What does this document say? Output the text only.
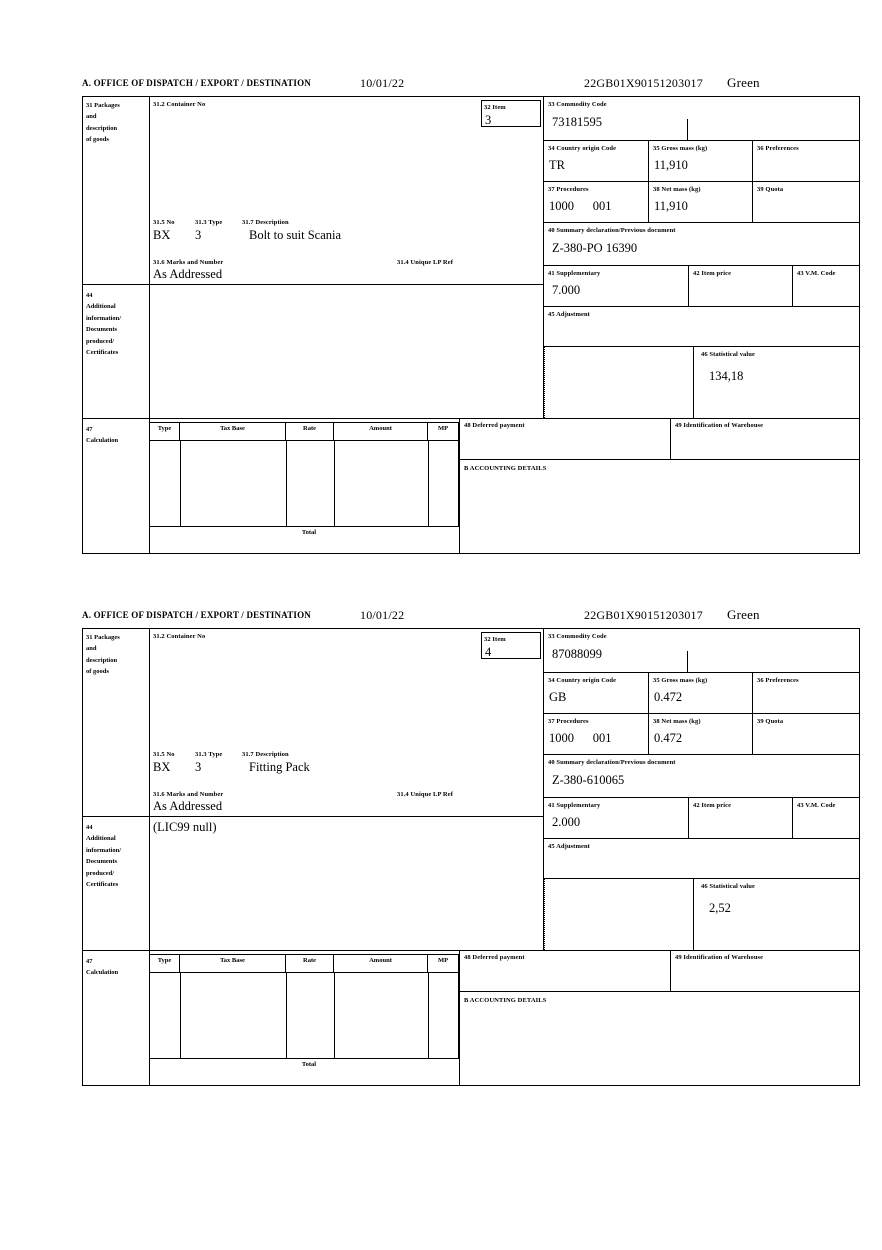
A. OFFICE OF DISPATCH / EXPORT / DESTINATION	10/01/22	22GB01X90151203017 Green
31 Packages
and
description
of goods
31.2 Container No	32 Item
3
31.5 No	31.3 Type	31.7 Description
BX	3	Bolt to suit Scania
31.6 Marks and Number	31.4 Unique LP Ref
As Addressed
44
Additional
information/
Documents
produced/
Certificates
33 Commodity Code
73181595
34 Country origin Code
TR
35 Gross mass (kg)
11,910
36 Preferences
37 Procedures
1000      001
38 Net mass (kg)
11,910
39 Quota
40 Summary declaration/Previous document
Z-380-PO 16390
41 Supplementary
7.000
42 Item price	43 V.M. Code
45 Adjustment
46 Statistical value
134,18
47
Calculation
Type	Tax Base	Rate	Amount	MP
Total
48 Deferred payment	49 Identification of Warehouse
B ACCOUNTING DETAILS
A. OFFICE OF DISPATCH / EXPORT / DESTINATION	10/01/22	22GB01X90151203017 Green
31 Packages
and
description
of goods
31.2 Container No	32 Item
4
31.5 No	31.3 Type	31.7 Description
BX	3	Fitting Pack
31.6 Marks and Number	31.4 Unique LP Ref
As Addressed
44
Additional
information/
Documents
produced/
Certificates
(LIC99 null)
33 Commodity Code
87088099
34 Country origin Code
GB
35 Gross mass (kg)
0.472
36 Preferences
37 Procedures
1000      001
38 Net mass (kg)
0.472
39 Quota
40 Summary declaration/Previous document
Z-380-610065
41 Supplementary
2.000
42 Item price	43 V.M. Code
45 Adjustment
46 Statistical value
2,52
47
Calculation
Type	Tax Base	Rate	Amount	MP
Total
48 Deferred payment	49 Identification of Warehouse
B ACCOUNTING DETAILS
